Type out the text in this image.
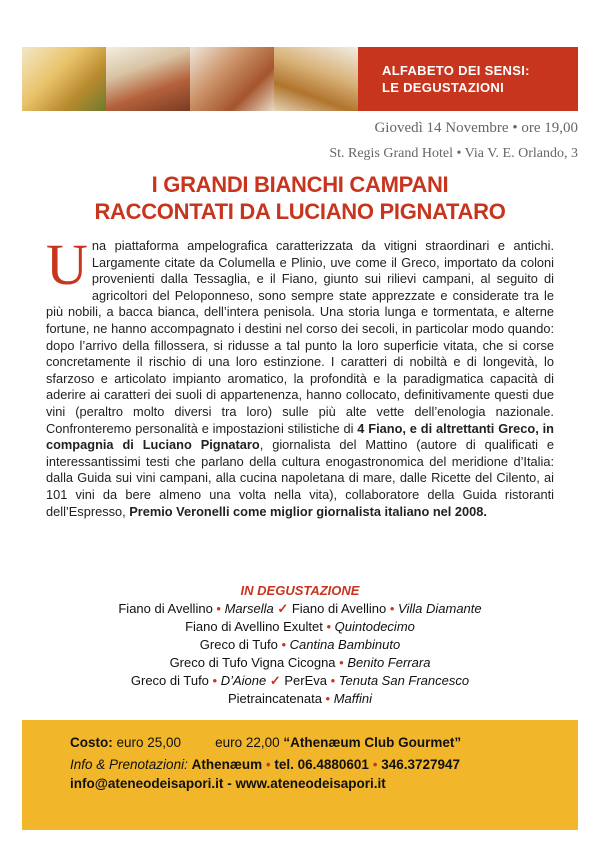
ALFABETO DEI SENSI:
LE DEGUSTAZIONI
Giovedì 14 Novembre • ore 19,00
St. Regis Grand Hotel • Via V. E. Orlando, 3
I GRANDI BIANCHI CAMPANI
RACCONTATI DA LUCIANO PIGNATARO
Una piattaforma ampelografica caratterizzata da vitigni straordinari e antichi. Largamente citate da Columella e Plinio, uve come il Greco, importato da coloni provenienti dalla Tessaglia, e il Fiano, giunto sui rilievi campani, al seguito di agricoltori del Peloponneso, sono sempre state apprezzate e considerate tra le più nobili, a bacca bianca, dell’intera penisola. Una storia lunga e tormentata, e alterne fortune, ne hanno accompagnato i destini nel corso dei secoli, in particolar modo quando: dopo l’arrivo della fillossera, si ridusse a tal punto la loro superficie vitata, che si corse concretamente il rischio di una loro estinzione. I caratteri di nobiltà e di longevità, lo sfarzoso e articolato impianto aromatico, la profondità e la paradigmatica capacità di aderire ai caratteri dei suoli di appartenenza, hanno collocato, definitivamente questi due vini (peraltro molto diversi tra loro) sulle più alte vette dell’enologia nazionale. Confronteremo personalità e impostazioni stilistiche di 4 Fiano, e di altrettanti Greco, in compagnia di Luciano Pignataro, giornalista del Mattino (autore di qualificati e interessantissimi testi che parlano della cultura enogastronomica del meridione d’Italia: dalla Guida sui vini campani, alla cucina napoletana di mare, dalle Ricette del Cilento, ai 101 vini da bere almeno una volta nella vita), collaboratore della Guida ristoranti dell’Espresso, Premio Veronelli come miglior giornalista italiano nel 2008.
IN DEGUSTAZIONE
Fiano di Avellino • Marsella ✓ Fiano di Avellino • Villa Diamante
Fiano di Avellino Exultet • Quintodecimo
Greco di Tufo • Cantina Bambinuto
Greco di Tufo Vigna Cicogna • Benito Ferrara
Greco di Tufo • D’Aione ✓ PerEva • Tenuta San Francesco
Pietraincatenata • Maffini
Costo: euro 25,00	euro 22,00 “Athenæum Club Gourmet”
Info & Prenotazioni: Athenæum • tel. 06.4880601 • 346.3727947
info@ateneodeisapori.it - www.ateneodeisapori.it
